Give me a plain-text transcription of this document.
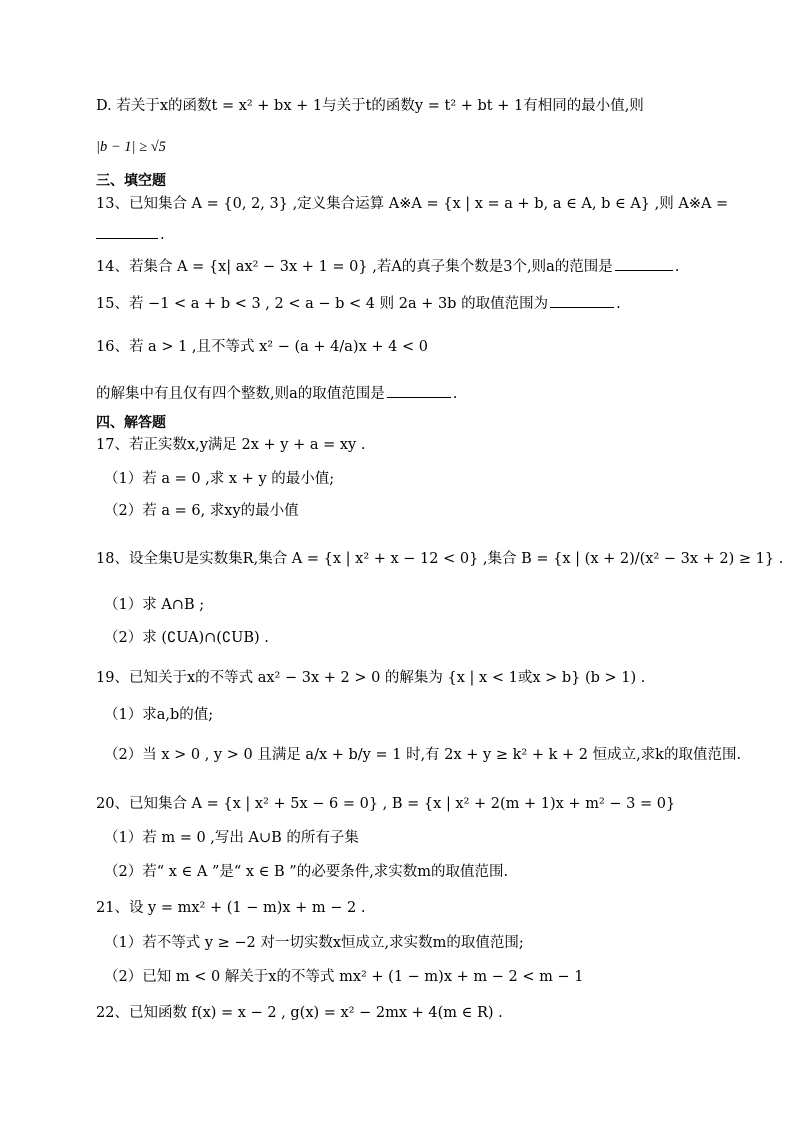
D. 若关于x的函数t = x² + bx + 1与关于t的函数y = t² + bt + 1有相同的最小值,则
|b − 1| ≥ √5
三、填空题
13、已知集合 A = {0, 2, 3} ,定义集合运算 A※A = {x | x = a + b, a ∈ A, b ∈ A} ,则 A※A =
.
14、若集合 A = {x| ax² − 3x + 1 = 0} ,若A的真子集个数是3个,则a的范围是	.
15、若 −1 < a + b < 3 , 2 < a − b < 4 则 2a + 3b 的取值范围为	.
16、若 a > 1 ,且不等式 x² − (a + 4/a)x + 4 < 0
的解集中有且仅有四个整数,则a的取值范围是	.
四、解答题
17、若正实数x,y满足 2x + y + a = xy .
（1）若 a = 0 ,求 x + y 的最小值;
（2）若 a = 6, 求xy的最小值
18、设全集U是实数集R,集合 A = {x | x² + x − 12 < 0} ,集合 B = {x | (x + 2)/(x² − 3x + 2) ≥ 1} .
（1）求 A∩B ;
（2）求 (∁UA)∩(∁UB) .
19、已知关于x的不等式 ax² − 3x + 2 > 0 的解集为 {x | x < 1或x > b} (b > 1) .
（1）求a,b的值;
（2）当 x > 0 , y > 0 且满足 a/x + b/y = 1 时,有 2x + y ≥ k² + k + 2 恒成立,求k的取值范围.
20、已知集合 A = {x | x² + 5x − 6 = 0} , B = {x | x² + 2(m + 1)x + m² − 3 = 0}
（1）若 m = 0 ,写出 A∪B 的所有子集
（2）若“ x ∈ A ”是“ x ∈ B ”的必要条件,求实数m的取值范围.
21、设 y = mx² + (1 − m)x + m − 2 .
（1）若不等式 y ≥ −2 对一切实数x恒成立,求实数m的取值范围;
（2）已知 m < 0 解关于x的不等式 mx² + (1 − m)x + m − 2 < m − 1
22、已知函数 f(x) = x − 2 , g(x) = x² − 2mx + 4(m ∈ R) .
